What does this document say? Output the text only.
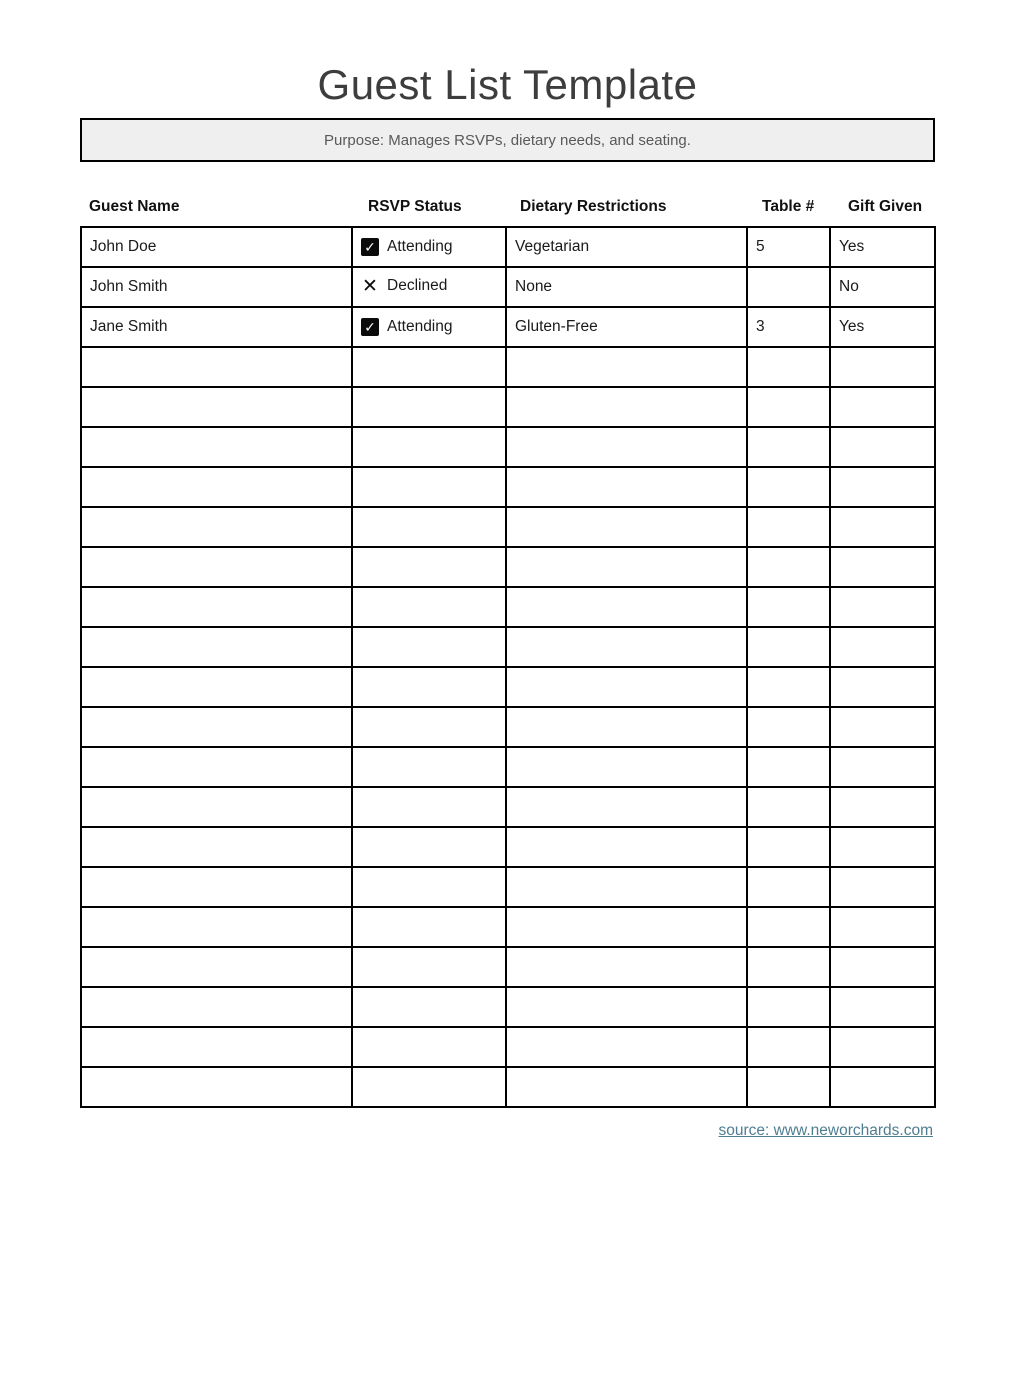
Guest List Template
Purpose: Manages RSVPs, dietary needs, and seating.
Guest Name	RSVP Status	Dietary Restrictions	Table #	Gift Given
John Doe	✓ Attending	Vegetarian	5	Yes
John Smith	✕ Declined	None		No
Jane Smith	✓ Attending	Gluten-Free	3	Yes

source: www.neworchards.com
